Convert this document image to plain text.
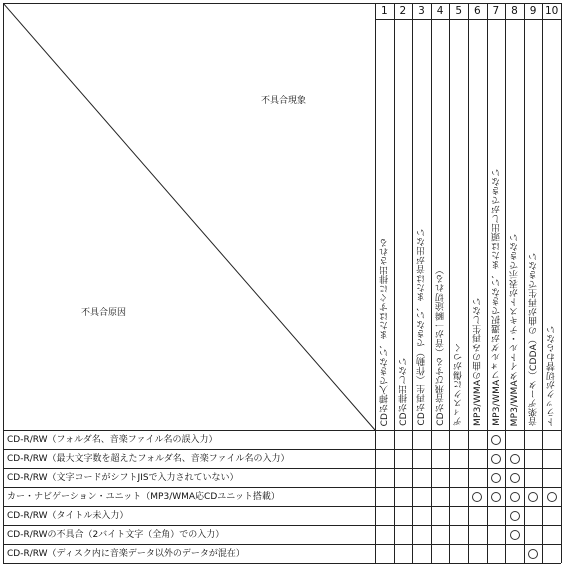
不具合現象
不具合原因
1
CDが挿入できない、またはすぐに排出される
2
CDが排出しない
3
CDが再生（作動）できない、または音が出ない
4
CDが音飛びする（音が一瞬途切れる）
5
ディスクに傷がつく
6
MP3/WMAの曲のみ再生しない
7
MP3/WMAフォルダが選択できない、または頭出しができない
8
MP3/WMAタイトル・テキストが表示できない
9
音楽データ（CDDA）の曲が再生できない
10
トラックが切替わらない
CD-R/RW（フォルダ名、音楽ファイル名の誤入力）
CD-R/RW（最大文字数を超えたフォルダ名、音楽ファイル名の入力）
CD-R/RW（文字コードがシフトJISで入力されていない）
カー・ナビゲーション・ユニット（MP3/WMA応CDユニット搭載）
CD-R/RW（タイトル未入力）
CD-R/RWの不具合（2バイト文字（全角）での入力）
CD-R/RW（ディスク内に音楽データ以外のデータが混在）
